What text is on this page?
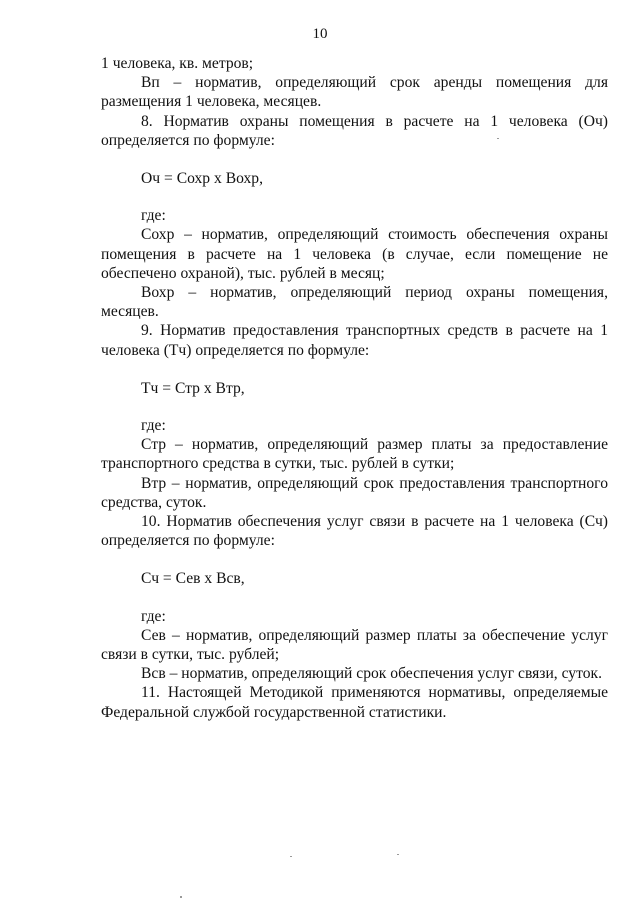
10

1 человека, кв. метров;

Вп – норматив, определяющий срок аренды помещения для размещения 1 человека, месяцев.

8. Норматив охраны помещения в расчете на 1 человека (Оч) определяется по формуле:

Оч = Сохр х Вохр,

где:

Сохр – норматив, определяющий стоимость обеспечения охраны помещения в расчете на 1 человека (в случае, если помещение не обеспечено охраной), тыс. рублей в месяц;

Вохр – норматив, определяющий период охраны помещения, месяцев.

9. Норматив предоставления транспортных средств в расчете на 1 человека (Тч) определяется по формуле:

Тч = Стр х Втр,

где:

Стр – норматив, определяющий размер платы за предоставление транспортного средства в сутки, тыс. рублей в сутки;

Втр – норматив, определяющий срок предоставления транспортного средства, суток.

10. Норматив обеспечения услуг связи в расчете на 1 человека (Сч) определяется по формуле:

Сч = Сев х Всв,

где:

Сев – норматив, определяющий размер платы за обеспечение услуг связи в сутки, тыс. рублей;

Всв – норматив, определяющий срок обеспечения услуг связи, суток.

11. Настоящей Методикой применяются нормативы, определяемые Федеральной службой государственной статистики.
